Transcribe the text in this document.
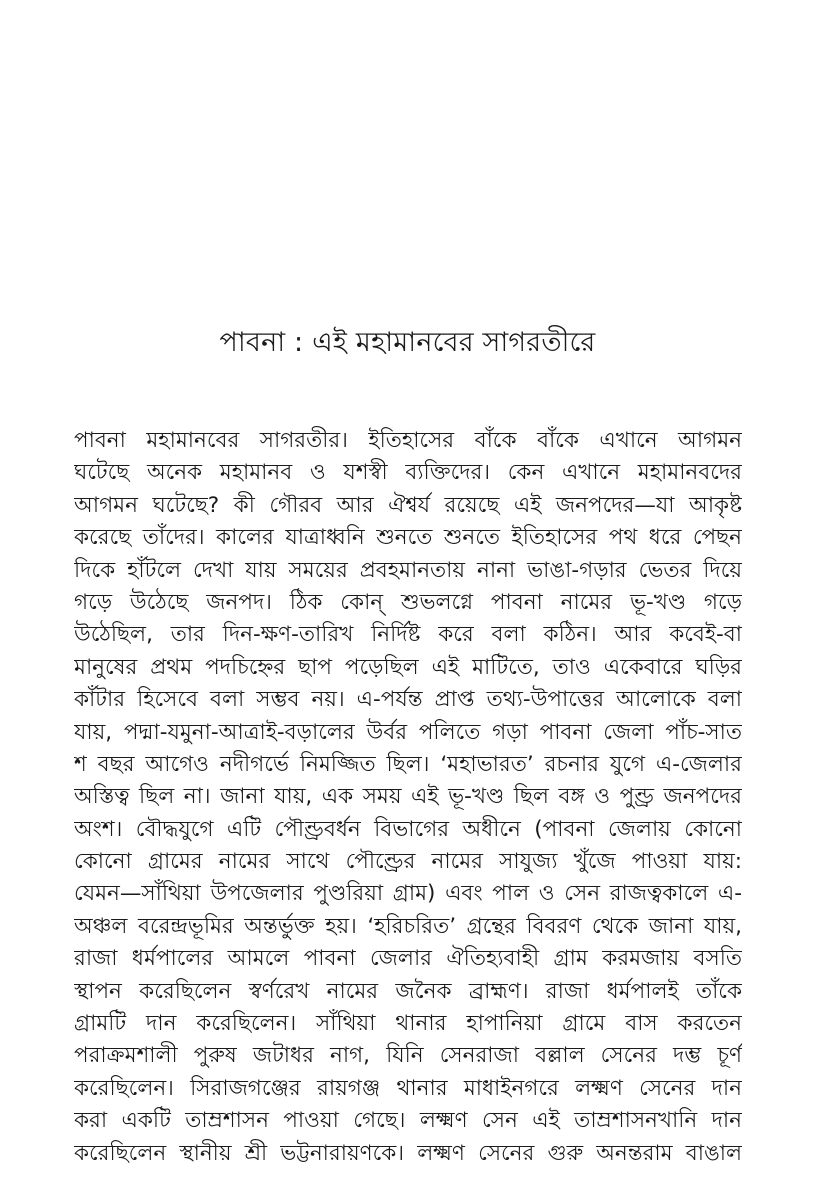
পাবনা : এই মহামানবের সাগরতীরে
পাবনা মহামানবের সাগরতীর। ইতিহাসের বাঁকে বাঁকে এখানে আগমন
ঘটেছে অনেক মহামানব ও যশস্বী ব্যক্তিদের। কেন এখানে মহামানবদের
আগমন ঘটেছে? কী গৌরব আর ঐশ্বর্য রয়েছে এই জনপদের—যা আকৃষ্ট
করেছে তাঁদের। কালের যাত্রাধ্বনি শুনতে শুনতে ইতিহাসের পথ ধরে পেছন
দিকে হাঁটলে দেখা যায় সময়ের প্রবহমানতায় নানা ভাঙা-গড়ার ভেতর দিয়ে
গড়ে উঠেছে জনপদ। ঠিক কোন্ শুভলগ্নে পাবনা নামের ভূ-খণ্ড গড়ে
উঠেছিল, তার দিন-ক্ষণ-তারিখ নির্দিষ্ট করে বলা কঠিন। আর কবেই-বা
মানুষের প্রথম পদচিহ্নের ছাপ পড়েছিল এই মাটিতে, তাও একেবারে ঘড়ির
কাঁটার হিসেবে বলা সম্ভব নয়। এ-পর্যন্ত প্রাপ্ত তথ্য-উপাত্তের আলোকে বলা
যায়, পদ্মা-যমুনা-আত্রাই-বড়ালের উর্বর পলিতে গড়া পাবনা জেলা পাঁচ-সাত
শ বছর আগেও নদীগর্ভে নিমজ্জিত ছিল। ‘মহাভারত’ রচনার যুগে এ-জেলার
অস্তিত্ব ছিল না। জানা যায়, এক সময় এই ভূ-খণ্ড ছিল বঙ্গ ও পুণ্ড্র জনপদের
অংশ। বৌদ্ধযুগে এটি পৌণ্ড্রবর্ধন বিভাগের অধীনে (পাবনা জেলায় কোনো
কোনো গ্রামের নামের সাথে পৌণ্ড্রের নামের সাযুজ্য খুঁজে পাওয়া যায়:
যেমন—সাঁথিয়া উপজেলার পুণ্ডরিয়া গ্রাম) এবং পাল ও সেন রাজত্বকালে এ-
অঞ্চল বরেন্দ্রভূমির অন্তর্ভুক্ত হয়। ‘হরিচরিত’ গ্রন্থের বিবরণ থেকে জানা যায়,
রাজা ধর্মপালের আমলে পাবনা জেলার ঐতিহ্যবাহী গ্রাম করমজায় বসতি
স্থাপন করেছিলেন স্বর্ণরেখ নামের জনৈক ব্রাহ্মণ। রাজা ধর্মপালই তাঁকে
গ্রামটি দান করেছিলেন। সাঁথিয়া থানার হাপানিয়া গ্রামে বাস করতেন
পরাক্রমশালী পুরুষ জটাধর নাগ, যিনি সেনরাজা বল্লাল সেনের দম্ভ চূর্ণ
করেছিলেন। সিরাজগঞ্জের রায়গঞ্জ থানার মাধাইনগরে লক্ষ্মণ সেনের দান
করা একটি তাম্রশাসন পাওয়া গেছে। লক্ষ্মণ সেন এই তাম্রশাসনখানি দান
করেছিলেন স্থানীয় শ্রী ভট্টনারায়ণকে। লক্ষ্মণ সেনের গুরু অনন্তরাম বাঙাল
